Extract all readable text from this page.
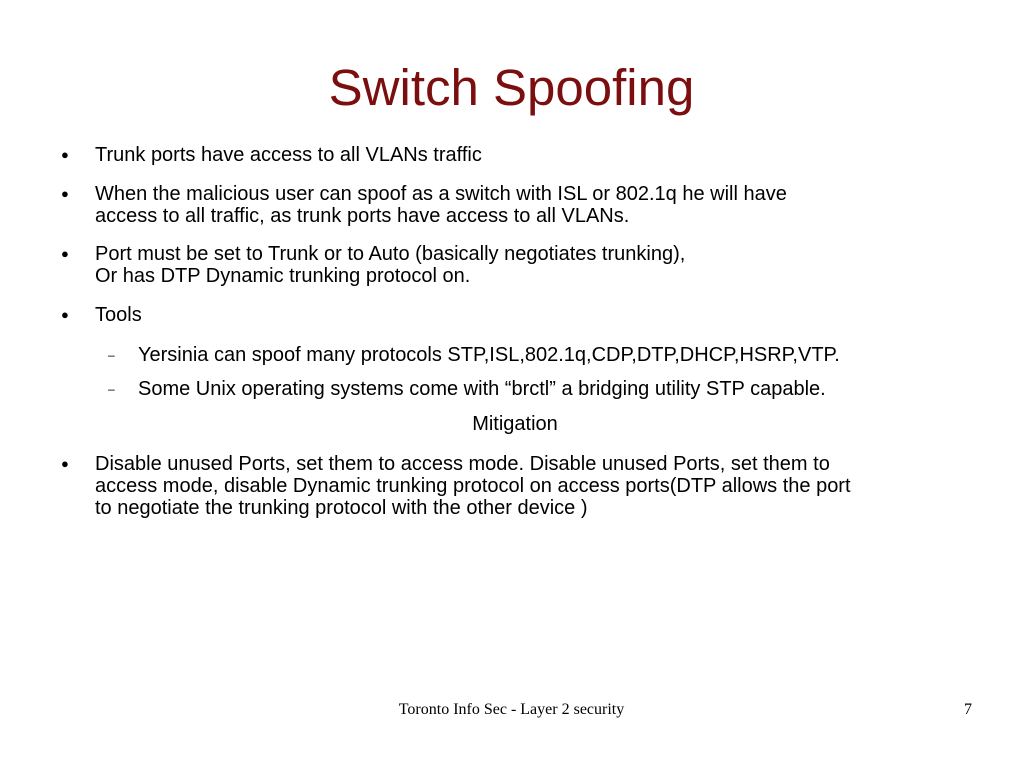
Switch Spoofing
● Trunk ports have access to all VLANs traffic
● When the malicious user can spoof as a switch with ISL or 802.1q he will have
access to all traffic, as trunk ports have access to all VLANs.
● Port must be set to Trunk or to Auto (basically negotiates trunking),
Or has DTP Dynamic trunking protocol on.
● Tools
– Yersinia can spoof many protocols STP,ISL,802.1q,CDP,DTP,DHCP,HSRP,VTP.
– Some Unix operating systems come with “brctl” a bridging utility STP capable.
Mitigation
● Disable unused Ports, set them to access mode. Disable unused Ports, set them to
access mode, disable Dynamic trunking protocol on access ports(DTP allows the port
to negotiate the trunking protocol with the other device )
Toronto Info Sec - Layer 2 security	7
